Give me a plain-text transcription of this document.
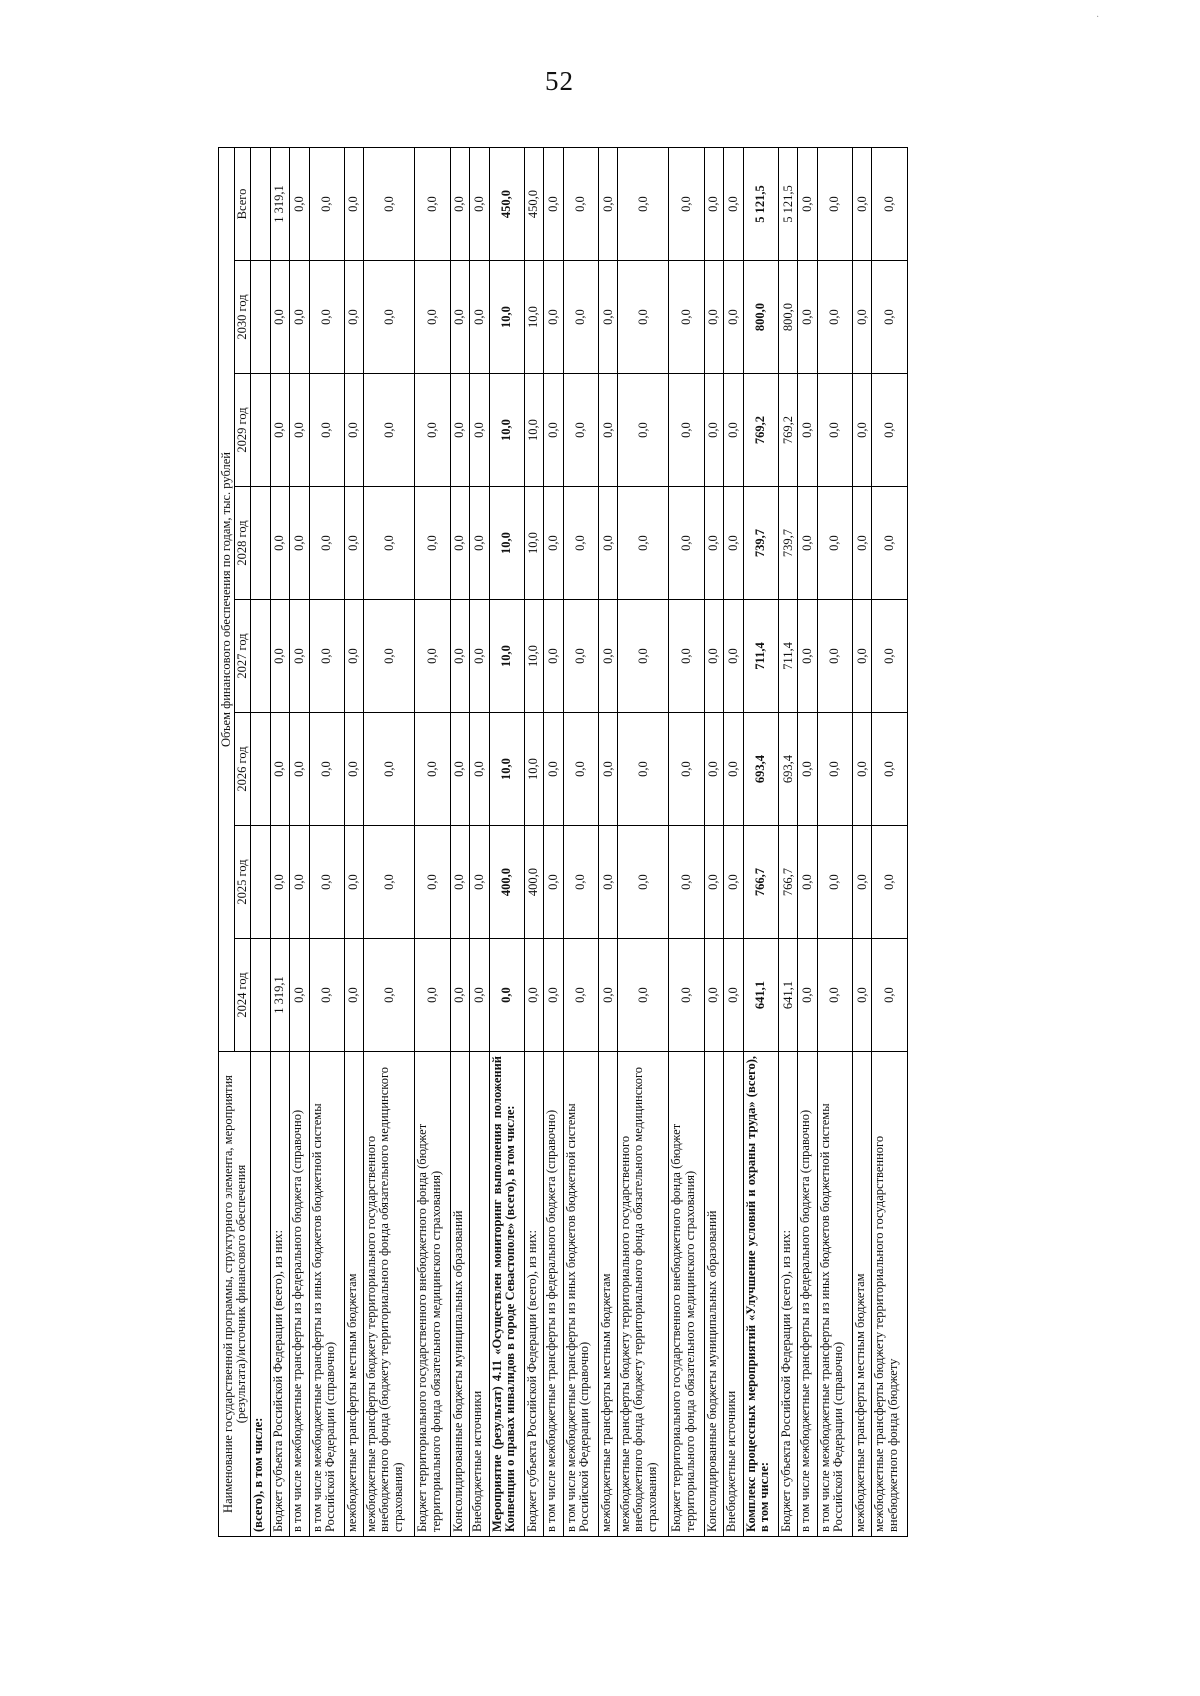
52
·
Наименование государственной программы, структурного элемента, мероприятия (результата)/источник финансового обеспечения	Объем финансового обеспечения по годам, тыс. рублей							
	2024 год	2025 год	2026 год	2027 год	2028 год	2029 год	2030 год	Всего
(всего), в том числе:								
Бюджет субъекта Российской Федерации (всего), из них:	1 319,1	0,0	0,0	0,0	0,0	0,0	0,0	1 319,1
в том числе межбюджетные трансферты из федерального бюджета (справочно)	0,0	0,0	0,0	0,0	0,0	0,0	0,0	0,0
в том числе межбюджетные трансферты из иных бюджетов бюджетной системы Российской Федерации (справочно)	0,0	0,0	0,0	0,0	0,0	0,0	0,0	0,0
межбюджетные трансферты местным бюджетам	0,0	0,0	0,0	0,0	0,0	0,0	0,0	0,0
межбюджетные трансферты бюджету территориального государственного внебюджетного фонда (бюджету территориального фонда обязательного медицинского страхования)	0,0	0,0	0,0	0,0	0,0	0,0	0,0	0,0
Бюджет территориального государственного внебюджетного фонда (бюджет территориального фонда обязательного медицинского страхования)	0,0	0,0	0,0	0,0	0,0	0,0	0,0	0,0
Консолидированные бюджеты муниципальных образований	0,0	0,0	0,0	0,0	0,0	0,0	0,0	0,0
Внебюджетные источники	0,0	0,0	0,0	0,0	0,0	0,0	0,0	0,0
Мероприятие (результат) 4.11 «Осуществлен мониторинг выполнения положений Конвенции о правах инвалидов в городе Севастополе» (всего), в том числе:	0,0	400,0	10,0	10,0	10,0	10,0	10,0	450,0
Бюджет субъекта Российской Федерации (всего), из них:	0,0	400,0	10,0	10,0	10,0	10,0	10,0	450,0
в том числе межбюджетные трансферты из федерального бюджета (справочно)	0,0	0,0	0,0	0,0	0,0	0,0	0,0	0,0
в том числе межбюджетные трансферты из иных бюджетов бюджетной системы Российской Федерации (справочно)	0,0	0,0	0,0	0,0	0,0	0,0	0,0	0,0
межбюджетные трансферты местным бюджетам	0,0	0,0	0,0	0,0	0,0	0,0	0,0	0,0
межбюджетные трансферты бюджету территориального государственного внебюджетного фонда (бюджету территориального фонда обязательного медицинского страхования)	0,0	0,0	0,0	0,0	0,0	0,0	0,0	0,0
Бюджет территориального государственного внебюджетного фонда (бюджет территориального фонда обязательного медицинского страхования)	0,0	0,0	0,0	0,0	0,0	0,0	0,0	0,0
Консолидированные бюджеты муниципальных образований	0,0	0,0	0,0	0,0	0,0	0,0	0,0	0,0
Внебюджетные источники	0,0	0,0	0,0	0,0	0,0	0,0	0,0	0,0
Комплекс процессных мероприятий «Улучшение условий и охраны труда» (всего), в том числе:	641,1	766,7	693,4	711,4	739,7	769,2	800,0	5 121,5
Бюджет субъекта Российской Федерации (всего), из них:	641,1	766,7	693,4	711,4	739,7	769,2	800,0	5 121,5
в том числе межбюджетные трансферты из федерального бюджета (справочно)	0,0	0,0	0,0	0,0	0,0	0,0	0,0	0,0
в том числе межбюджетные трансферты из иных бюджетов бюджетной системы Российской Федерации (справочно)	0,0	0,0	0,0	0,0	0,0	0,0	0,0	0,0
межбюджетные трансферты местным бюджетам	0,0	0,0	0,0	0,0	0,0	0,0	0,0	0,0
межбюджетные трансферты бюджету территориального государственного внебюджетного фонда (бюджету	0,0	0,0	0,0	0,0	0,0	0,0	0,0	0,0
